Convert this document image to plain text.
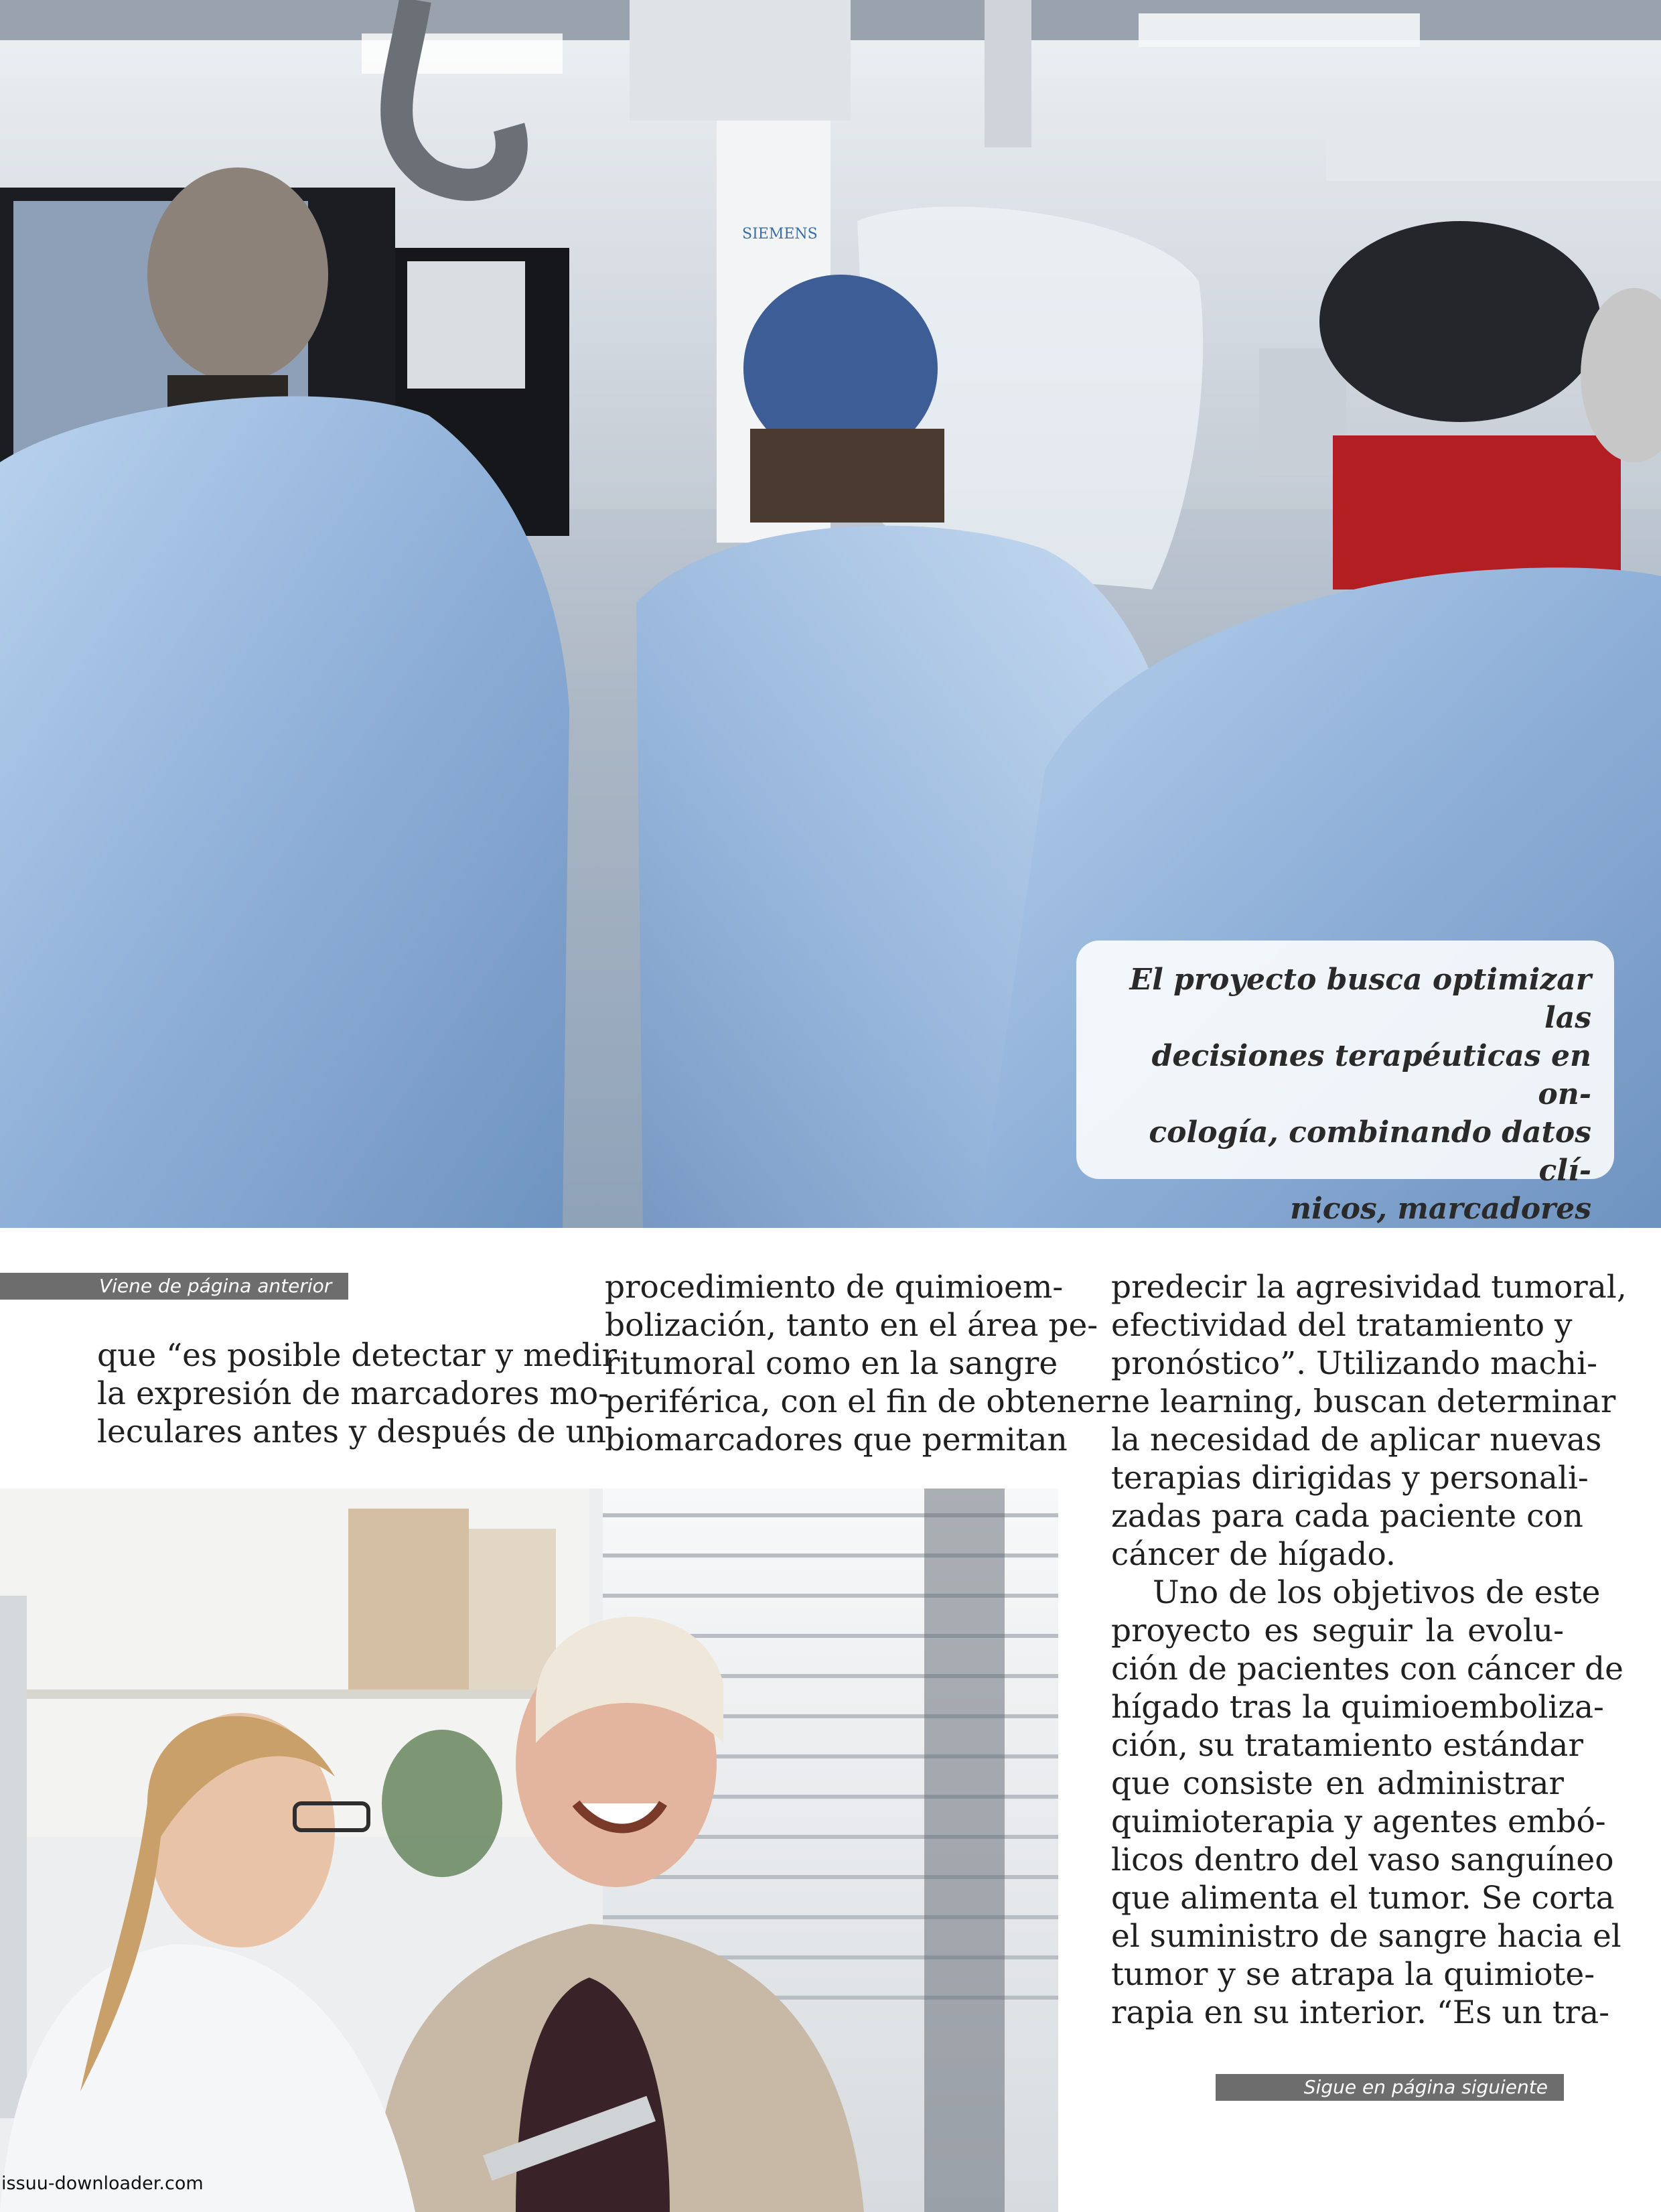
SIEMENS
El proyecto busca optimizar las
decisiones terapéuticas en on-
cología, combinando datos clí-
nicos, marcadores
Viene de página anterior
que “es posible detectar y medir
la expresión de marcadores mo-
leculares antes y después de un
procedimiento de quimioem-
bolización, tanto en el área pe-
ritumoral como en la sangre
periférica, con el fin de obtener
biomarcadores que permitan
predecir la agresividad tumoral,
efectividad del tratamiento y
pronóstico”. Utilizando machi-
ne learning, buscan determinar
la necesidad de aplicar nuevas
terapias dirigidas y personali-
zadas para cada paciente con
cáncer de hígado.
Uno de los objetivos de este
proyecto es seguir la evolu-
ción de pacientes con cáncer de
hígado tras la quimioemboliza-
ción, su tratamiento estándar
que consiste en administrar
quimioterapia y agentes embó-
licos dentro del vaso sanguíneo
que alimenta el tumor. Se corta
el suministro de sangre hacia el
tumor y se atrapa la quimiote-
rapia en su interior. “Es un tra-
Sigue en página siguiente
issuu-downloader.com
